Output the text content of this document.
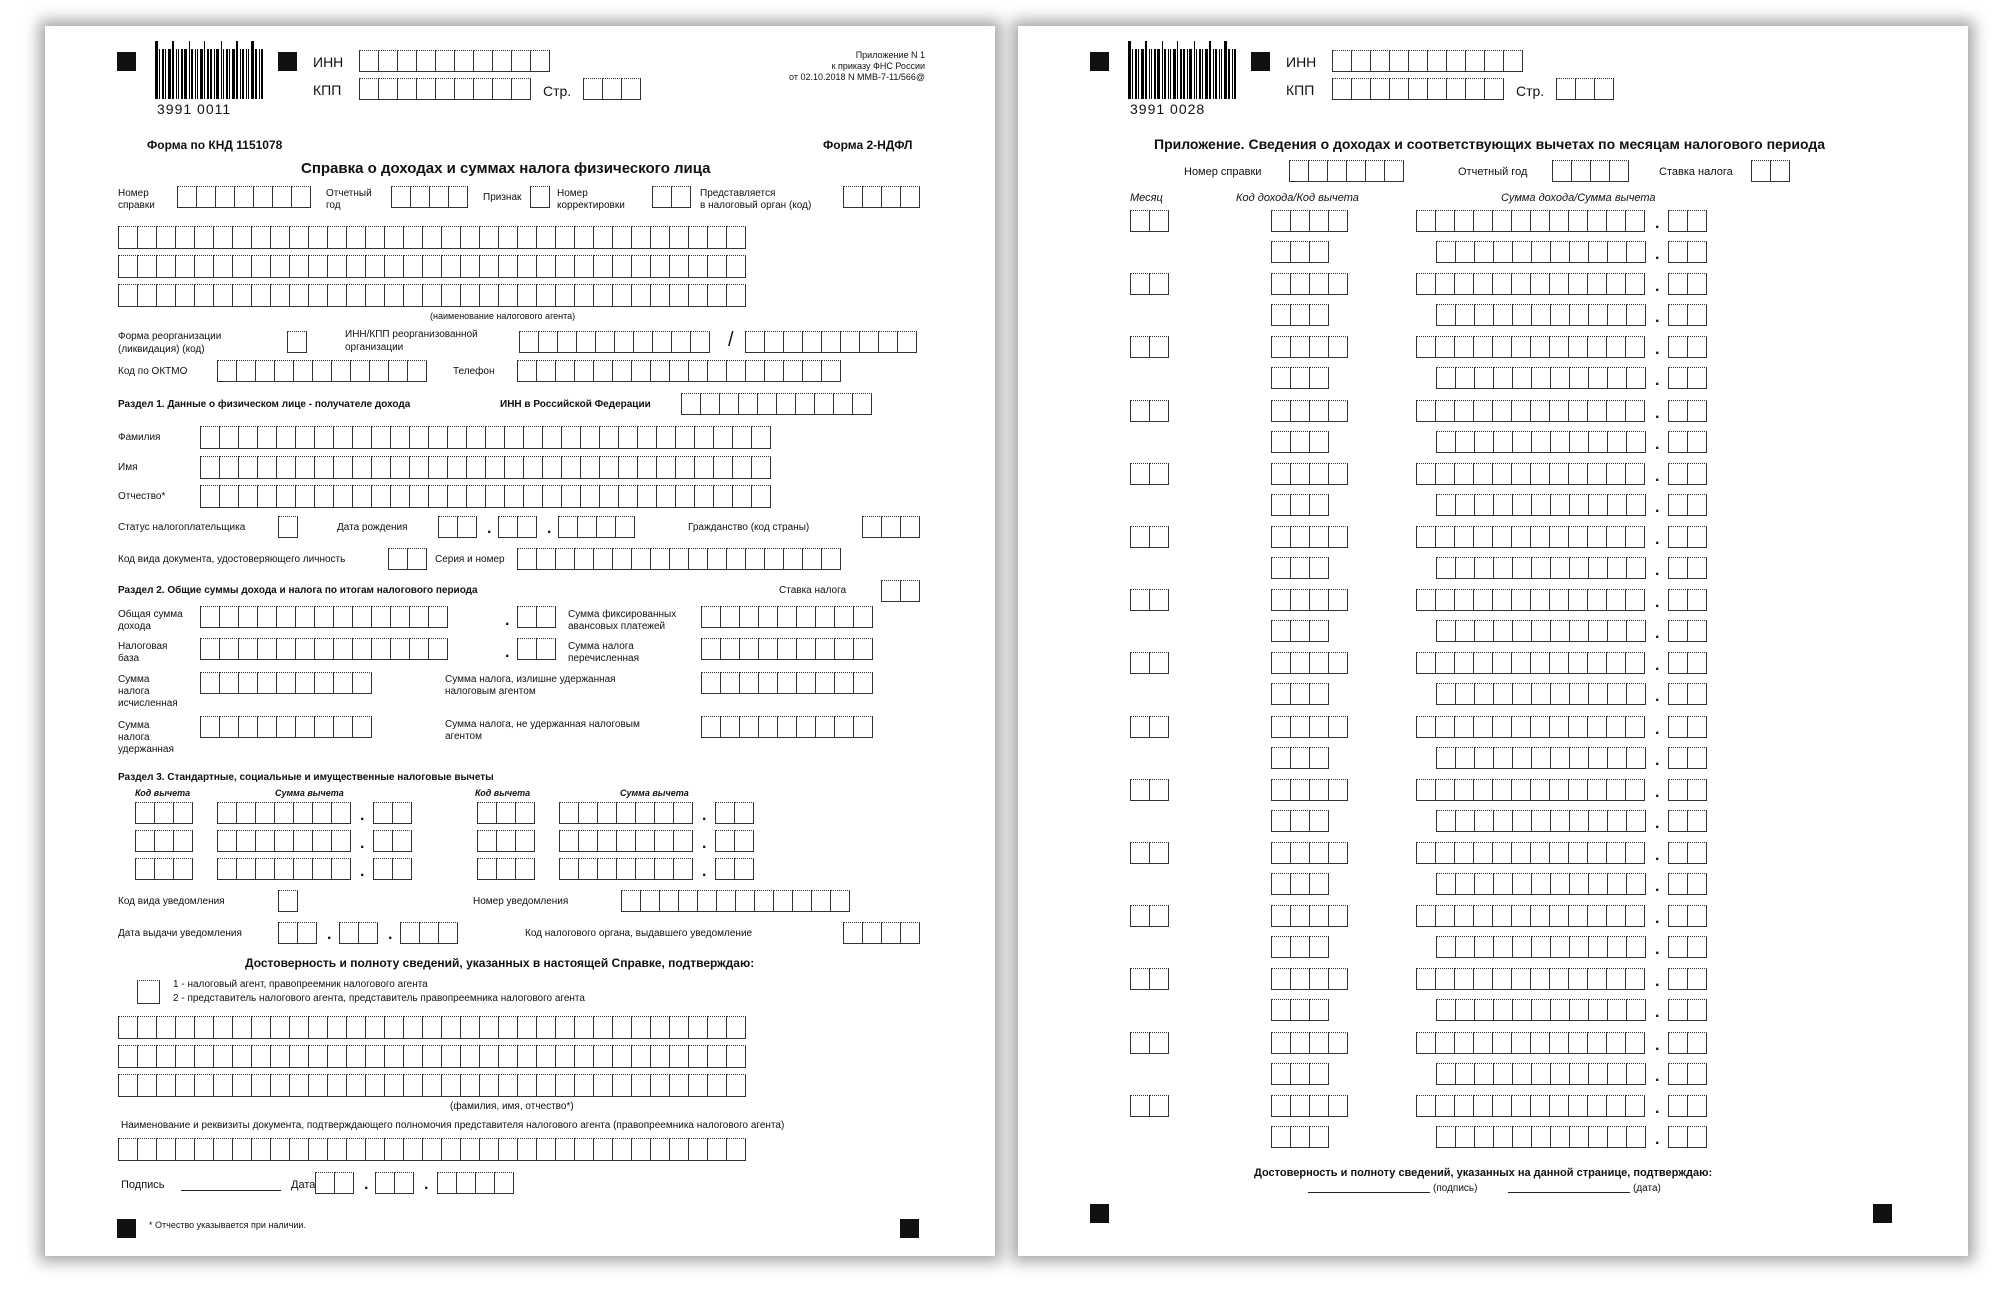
3991 0011
ИНН
КПП	Стр.
Приложение N 1
к приказу ФНС России
от 02.10.2018 N ММВ-7-11/566@
Форма по КНД 1151078	Форма 2-НДФЛ
Справка о доходах и суммах налога физического лица
Номер
справки
Отчетный
год
Признак	Номер
корректировки
Представляется
в налоговый орган (код)
(наименование налогового агента)
Форма реорганизации
(ликвидация) (код)
ИНН/КПП реорганизованной
организации	/
Код по ОКТМО	Телефон
Раздел 1. Данные о физическом лице - получателе дохода	ИНН в Российской Федерации
Фамилия
Имя
Отчество*
Статус налогоплательщика	Дата рождения	.	.	Гражданство (код страны)
Код вида документа, удостоверяющего личность	Серия и номер
Раздел 2. Общие суммы дохода и налога по итогам налогового периода	Ставка налога
Общая сумма
дохода	.	Сумма фиксированных
авансовых платежей
Налоговая
база	.	Сумма налога
перечисленная
Сумма
налога
исчисленная
Сумма налога, излишне удержанная
налоговым агентом
Сумма
налога
удержанная
Сумма налога, не удержанная налоговым
агентом
Раздел 3. Стандартные, социальные и имущественные налоговые вычеты
Код вычета	Сумма вычета	Код вычета	Сумма вычета
.	.
.	.
.	.
Код вида уведомления	Номер уведомления
Дата выдачи уведомления	.	.	Код налогового органа, выдавшего уведомление
Достоверность и полноту сведений, указанных в настоящей Справке, подтверждаю:
1 - налоговый агент, правопреемник налогового агента
2 - представитель налогового агента, представитель правопреемника налогового агента
(фамилия, имя, отчество*)
Наименование и реквизиты документа, подтверждающего полномочия представителя налогового агента (правопреемника налогового агента)
Подпись	Дата	.	.
* Отчество указывается при наличии.
3991 0028
ИНН
КПП	Стр.
Приложение. Сведения о доходах и соответствующих вычетах по месяцам налогового периода
Номер справки	Отчетный год	Ставка налога
Месяц	Код дохода/Код вычета	Сумма дохода/Сумма вычета
.
.
.
.
.
.
.
.
.
.
.
.
.
.
.
.
.
.
.
.
.
.
.
.
.
.
.
.
.
.
Достоверность и полноту сведений, указанных на данной странице, подтверждаю:
(подпись)	(дата)
